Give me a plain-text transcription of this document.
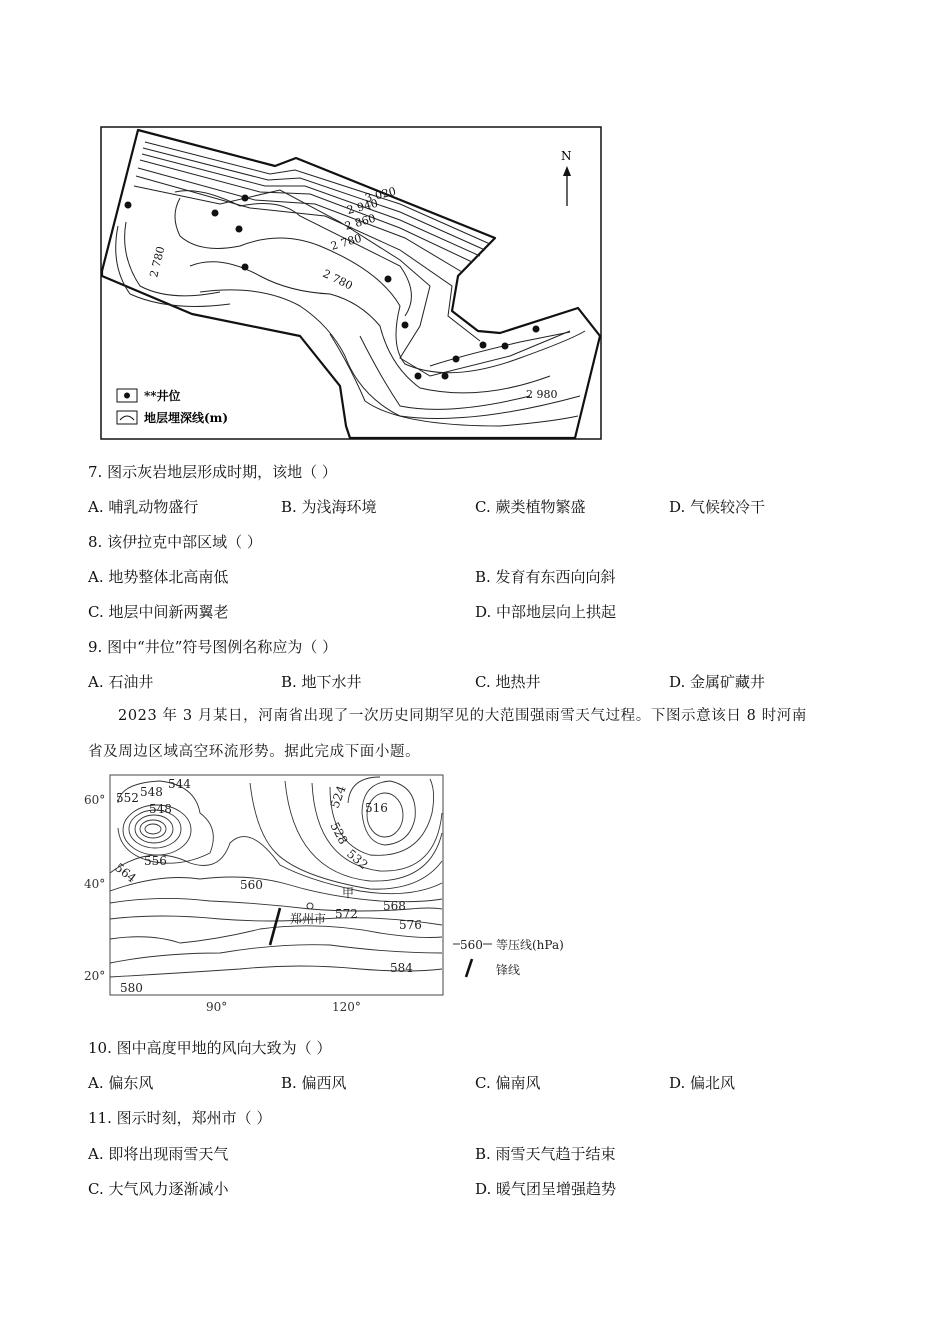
3 020
2 940
2 860
2 780
2 780
2 780
2 980
N
**井位
地层埋深线(m)
7. 图示灰岩地层形成时期，该地（ ）
A. 哺乳动物盛行	B. 为浅海环境	C. 蕨类植物繁盛	D. 气候较冷干
8. 该伊拉克中部区域（ ）
A. 地势整体北高南低	B. 发育有东西向向斜
C. 地层中间新两翼老	D. 中部地层向上拱起
9. 图中“井位”符号图例名称应为（ ）
A. 石油井	B. 地下水井	C. 地热井	D. 金属矿藏井
2023 年 3 月某日，河南省出现了一次历史同期罕见的大范围强雨雪天气过程。下图示意该日 8 时河南
省及周边区域高空环流形势。据此完成下面小题。
60°
40°
20°
90°	120°
552 548
544
548
556
564	560
524 516
528
532
572
568
576
584
580
甲
郑州市
560 等压线(hPa)
锋线
10. 图中高度甲地的风向大致为（ ）
A. 偏东风	B. 偏西风	C. 偏南风	D. 偏北风
11. 图示时刻，郑州市（ ）
A. 即将出现雨雪天气	B. 雨雪天气趋于结束
C. 大气风力逐渐减小	D. 暖气团呈增强趋势
